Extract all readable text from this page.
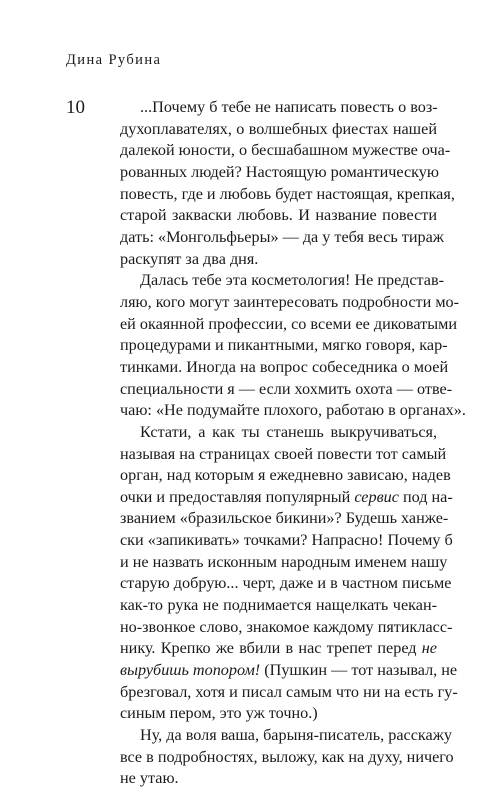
Дина Рубина
10	...Почему б тебе не написать повесть о воз-
духоплавателях, о волшебных фиестах нашей
далекой юности, о бесшабашном мужестве оча-
рованных людей? Настоящую романтическую
повесть, где и любовь будет настоящая, крепкая,
старой закваски любовь. И название повести
дать: «Монгольфьеры» — да у тебя весь тираж
раскупят за два дня.
Далась тебе эта косметология! Не представ-
ляю, кого могут заинтересовать подробности мо-
ей окаянной профессии, со всеми ее диковатыми
процедурами и пикантными, мягко говоря, кар-
тинками. Иногда на вопрос собеседника о моей
специальности я — если хохмить охота — отве-
чаю: «Не подумайте плохого, работаю в органах».
Кстати, а как ты станешь выкручиваться,
называя на страницах своей повести тот самый
орган, над которым я ежедневно зависаю, надев
очки и предоставляя популярный сервис под на-
званием «бразильское бикини»? Будешь ханже-
ски «запикивать» точками? Напрасно! Почему б
и не назвать исконным народным именем нашу
старую добрую... черт, даже и в частном письме
как-то рука не поднимается нащелкать чекан-
но-звонкое слово, знакомое каждому пятикласс-
нику. Крепко же вбили в нас трепет перед не
вырубишь топором! (Пушкин — тот называл, не
брезговал, хотя и писал самым что ни на есть гу-
синым пером, это уж точно.)
Ну, да воля ваша, барыня-писатель, расскажу
все в подробностях, выложу, как на духу, ничего
не утаю.
